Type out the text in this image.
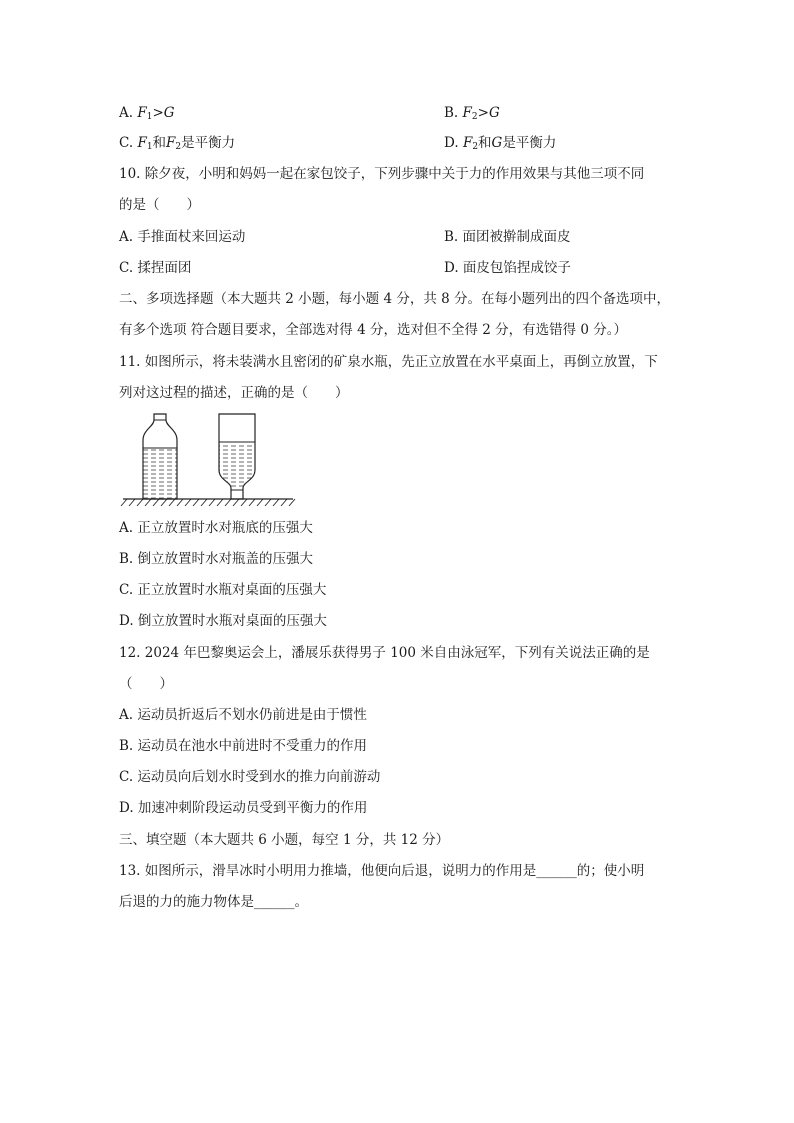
A. $F_1>G$	B. $F_2>G$
C. $F_1$和$F_2$是平衡力	D. $F_2$和G是平衡力
10. 除夕夜，小明和妈妈一起在家包饺子，下列步骤中关于力的作用效果与其他三项不同
的是（　　）
A. 手推面杖来回运动	B. 面团被擀制成面皮
C. 揉捏面团	D. 面皮包馅捏成饺子
二、多项选择题（本大题共 2 小题，每小题 4 分，共 8 分。在每小题列出的四个备选项中，
有多个选项 符合题目要求，全部选对得 4 分，选对但不全得 2 分，有选错得 0 分。）
11. 如图所示，将未装满水且密闭的矿泉水瓶，先正立放置在水平桌面上，再倒立放置，下
列对这过程的描述，正确的是（　　）
A. 正立放置时水对瓶底的压强大
B. 倒立放置时水对瓶盖的压强大
C. 正立放置时水瓶对桌面的压强大
D. 倒立放置时水瓶对桌面的压强大
12. 2024 年巴黎奥运会上，潘展乐获得男子 100 米自由泳冠军，下列有关说法正确的是
（　　）
A. 运动员折返后不划水仍前进是由于惯性
B. 运动员在池水中前进时不受重力的作用
C. 运动员向后划水时受到水的推力向前游动
D. 加速冲刺阶段运动员受到平衡力的作用
三、填空题（本大题共 6 小题，每空 1 分，共 12 分）
13. 如图所示，滑旱冰时小明用力推墙，他便向后退，说明力的作用是______的；使小明
后退的力的施力物体是______。
